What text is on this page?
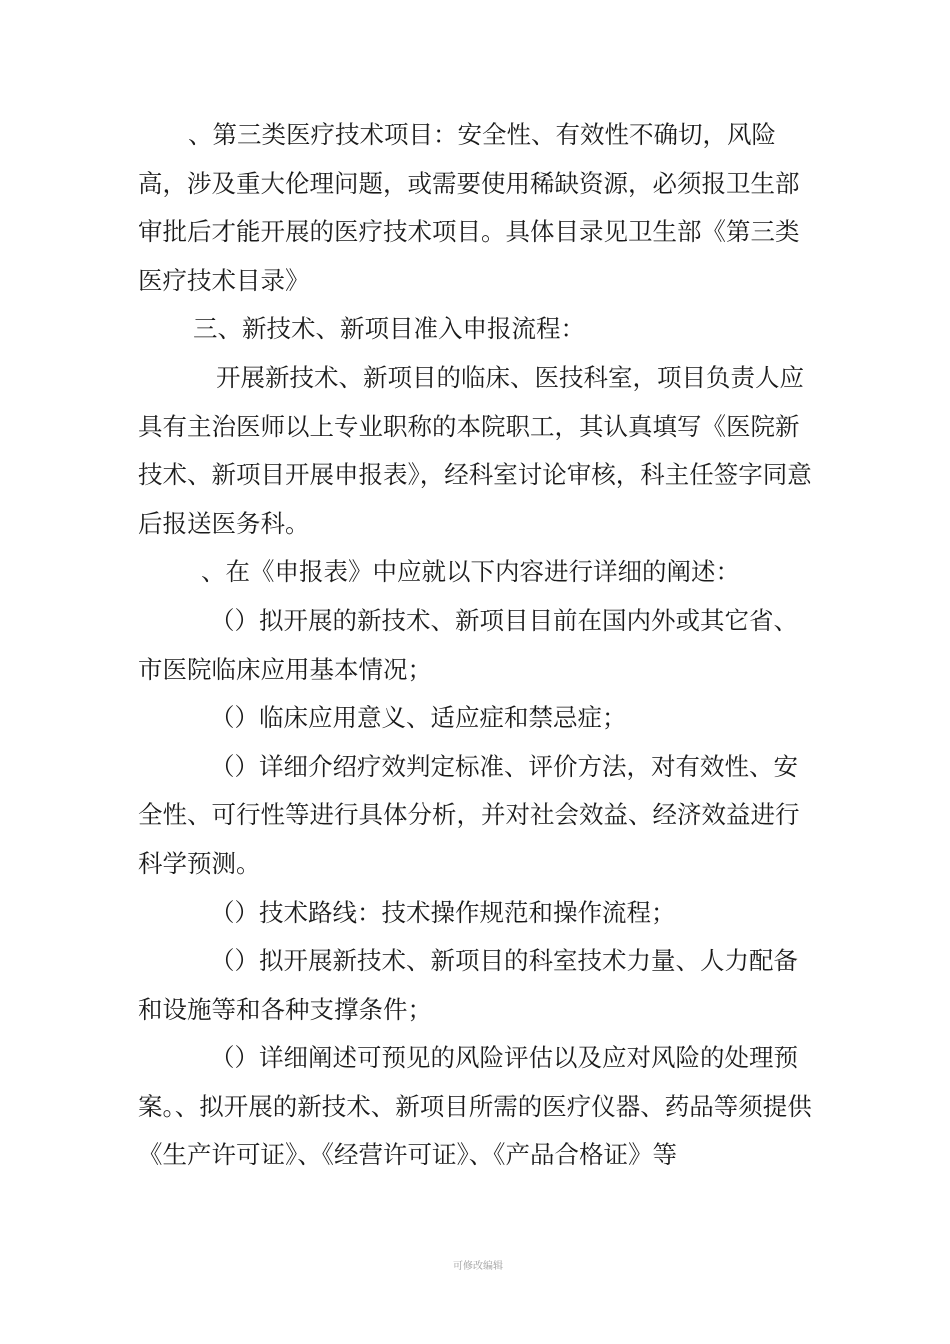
、第三类医疗技术项目：安全性、有效性不确切，风险高，涉及重大伦理问题，或需要使用稀缺资源，必须报卫生部审批后才能开展的医疗技术项目。具体目录见卫生部《第三类医疗技术目录》

三、新技术、新项目准入申报流程：

开展新技术、新项目的临床、医技科室，项目负责人应具有主治医师以上专业职称的本院职工，其认真填写《医院新技术、新项目开展申报表》，经科室讨论审核，科主任签字同意后报送医务科。

、在《申报表》中应就以下内容进行详细的阐述：

（）拟开展的新技术、新项目目前在国内外或其它省、市医院临床应用基本情况；

（）临床应用意义、适应症和禁忌症；

（）详细介绍疗效判定标准、评价方法，对有效性、安全性、可行性等进行具体分析，并对社会效益、经济效益进行科学预测。

（）技术路线：技术操作规范和操作流程；

（）拟开展新技术、新项目的科室技术力量、人力配备和设施等和各种支撑条件；

（）详细阐述可预见的风险评估以及应对风险的处理预案。、拟开展的新技术、新项目所需的医疗仪器、药品等须提供《生产许可证》、《经营许可证》、《产品合格证》等

可修改编辑
